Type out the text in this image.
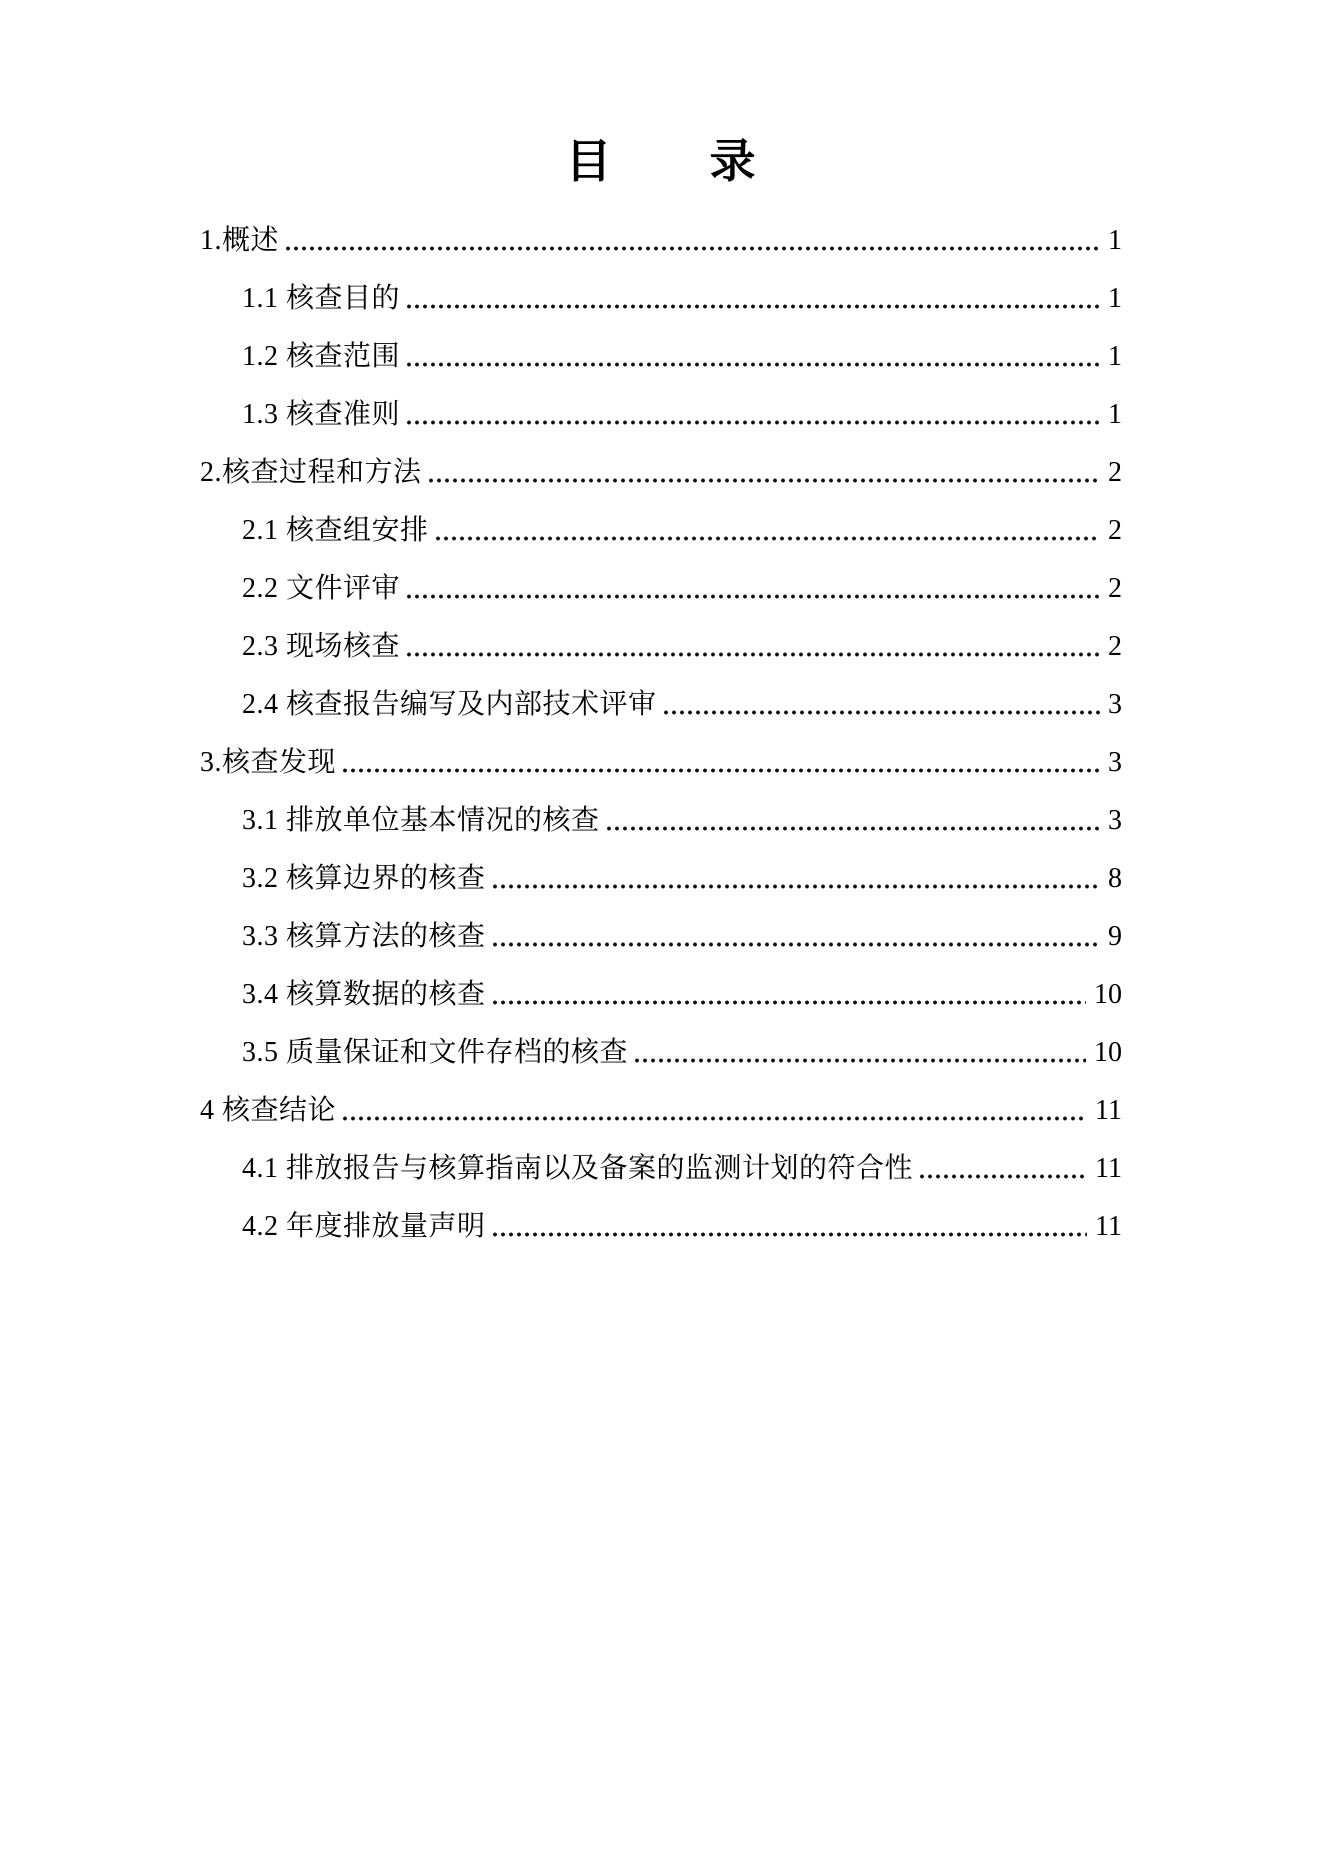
目　　录
1.概述	1
1.1 核查目的	1
1.2 核查范围	1
1.3 核查准则	1
2.核查过程和方法	2
2.1 核查组安排	2
2.2 文件评审	2
2.3 现场核查	2
2.4 核查报告编写及内部技术评审	3
3.核查发现	3
3.1 排放单位基本情况的核查	3
3.2 核算边界的核查	8
3.3 核算方法的核查	9
3.4 核算数据的核查	10
3.5 质量保证和文件存档的核查	10
4 核查结论	11
4.1 排放报告与核算指南以及备案的监测计划的符合性	11
4.2 年度排放量声明	11
